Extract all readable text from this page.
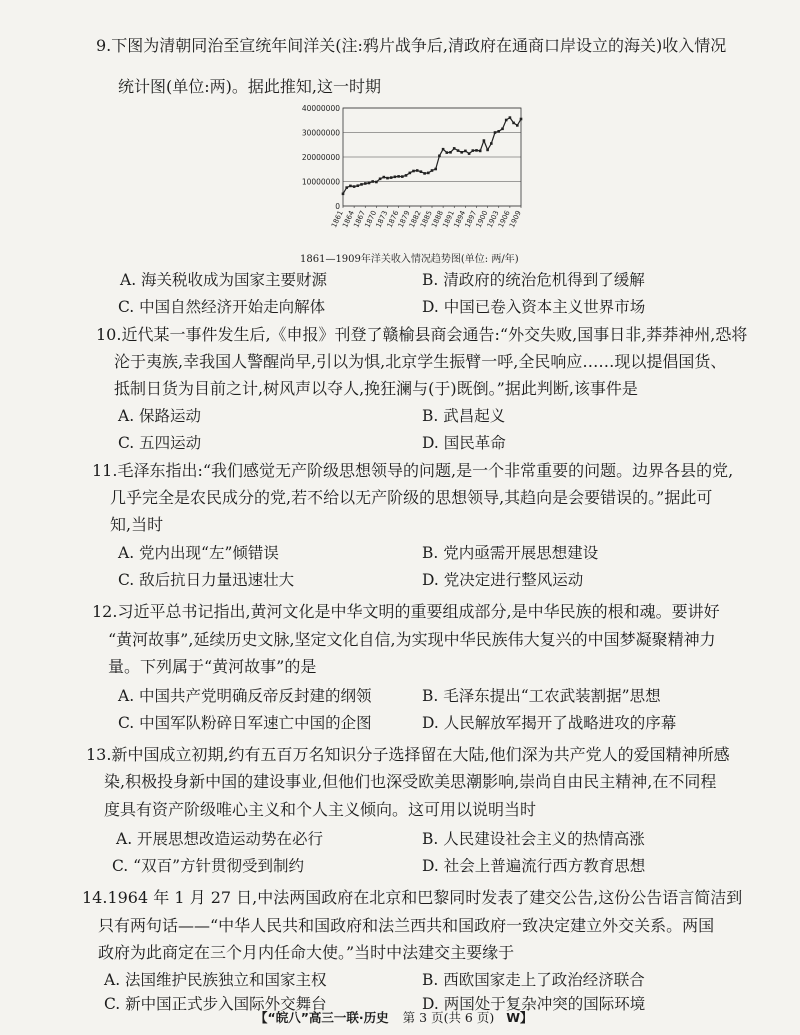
9.下图为清朝同治至宣统年间洋关(注:鸦片战争后,清政府在通商口岸设立的海关)收入情况
统计图(单位:两)。据此推知,这一时期
0
10000000
20000000
30000000
40000000
1861
1864
1867
1870
1873
1876
1879
1882
1885
1888
1891
1894
1897
1900
1903
1906
1909
1861—1909年洋关收入情况趋势图(单位: 两/年)
A. 海关税收成为国家主要财源	B. 清政府的统治危机得到了缓解
C. 中国自然经济开始走向解体	D. 中国已卷入资本主义世界市场
10.近代某一事件发生后,《申报》刊登了赣榆县商会通告:“外交失败,国事日非,莽莽神州,恐将
沦于夷族,幸我国人警醒尚早,引以为惧,北京学生振臂一呼,全民响应……现以提倡国货、
抵制日货为目前之计,树风声以夺人,挽狂澜与(于)既倒。”据此判断,该事件是
A. 保路运动	B. 武昌起义
C. 五四运动	D. 国民革命
11.毛泽东指出:“我们感觉无产阶级思想领导的问题,是一个非常重要的问题。边界各县的党,
几乎完全是农民成分的党,若不给以无产阶级的思想领导,其趋向是会要错误的。”据此可
知,当时
A. 党内出现“左”倾错误	B. 党内亟需开展思想建设
C. 敌后抗日力量迅速壮大	D. 党决定进行整风运动
12.习近平总书记指出,黄河文化是中华文明的重要组成部分,是中华民族的根和魂。要讲好
“黄河故事”,延续历史文脉,坚定文化自信,为实现中华民族伟大复兴的中国梦凝聚精神力
量。下列属于“黄河故事”的是
A. 中国共产党明确反帝反封建的纲领	B. 毛泽东提出“工农武装割据”思想
C. 中国军队粉碎日军速亡中国的企图	D. 人民解放军揭开了战略进攻的序幕
13.新中国成立初期,约有五百万名知识分子选择留在大陆,他们深为共产党人的爱国精神所感
染,积极投身新中国的建设事业,但他们也深受欧美思潮影响,崇尚自由民主精神,在不同程
度具有资产阶级唯心主义和个人主义倾向。这可用以说明当时
A. 开展思想改造运动势在必行	B. 人民建设社会主义的热情高涨
C. “双百”方针贯彻受到制约	D. 社会上普遍流行西方教育思想
14.1964 年 1 月 27 日,中法两国政府在北京和巴黎同时发表了建交公告,这份公告语言简洁到
只有两句话——“中华人民共和国政府和法兰西共和国政府一致决定建立外交关系。两国
政府为此商定在三个月内任命大使。”当时中法建交主要缘于
A. 法国维护民族独立和国家主权	B. 西欧国家走上了政治经济联合
C. 新中国正式步入国际外交舞台	D. 两国处于复杂冲突的国际环境
【“皖八”高三一联·历史 第 3 页(共 6 页) W】
